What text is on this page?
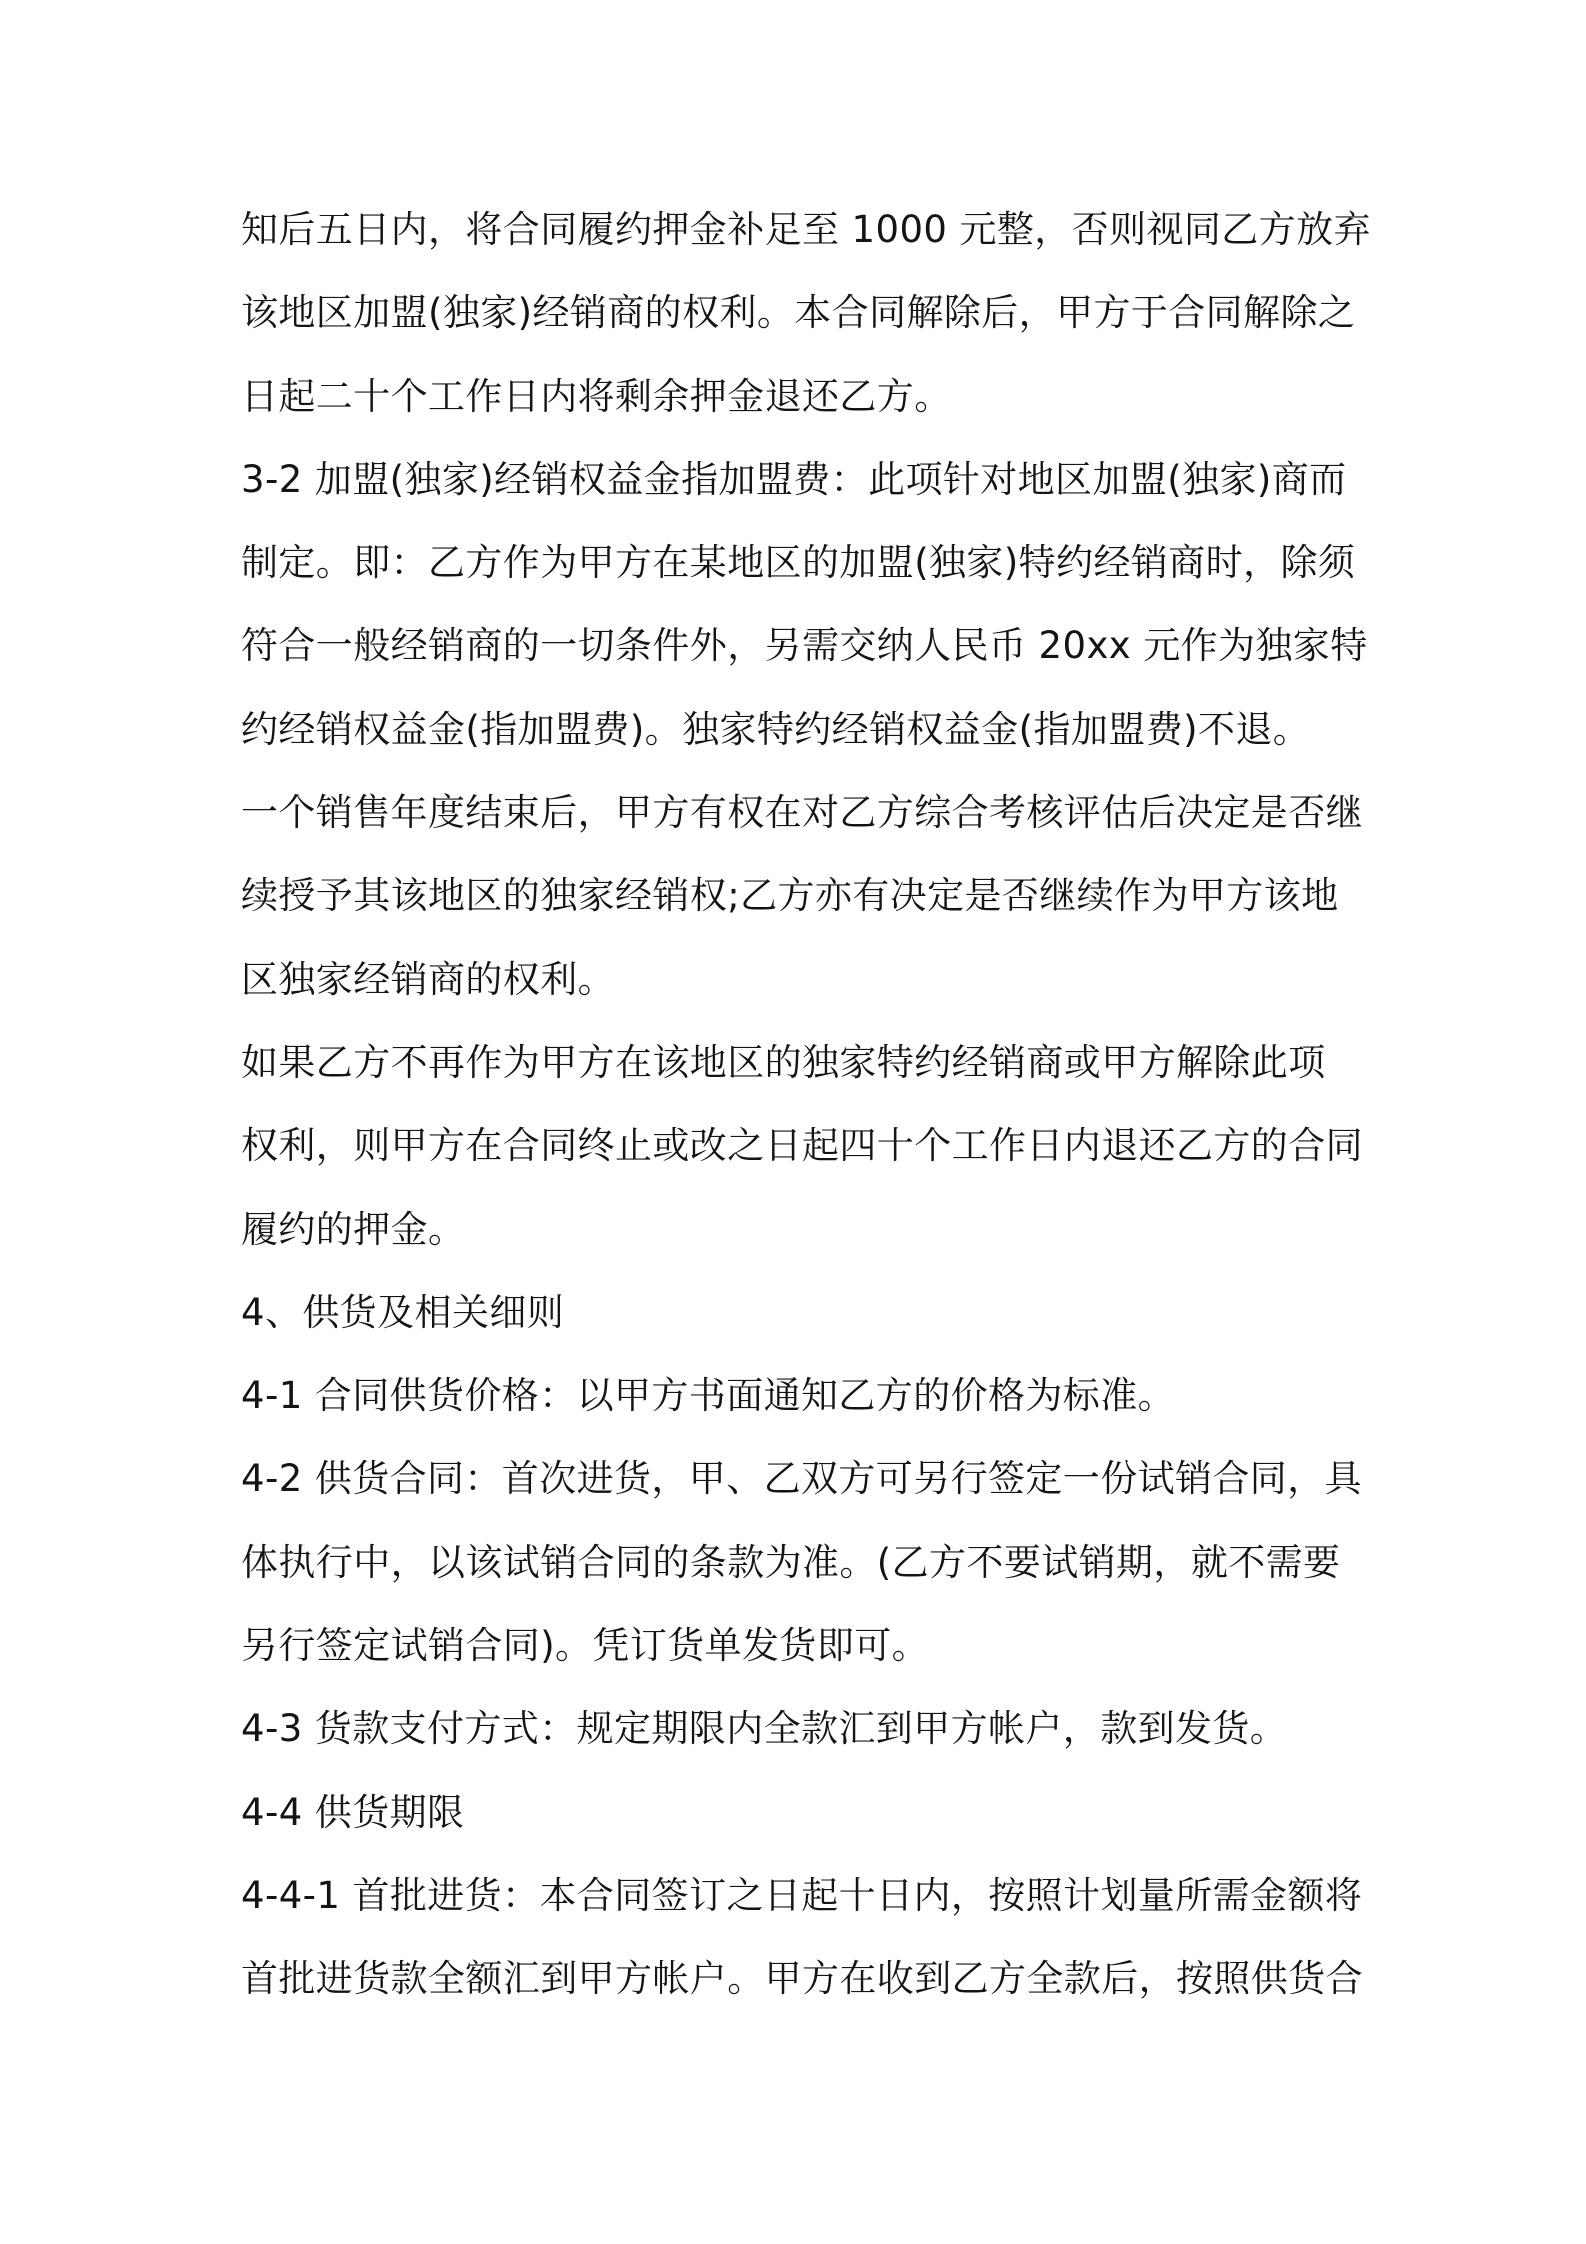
知后五日内，将合同履约押金补足至 1000 元整，否则视同乙方放弃
该地区加盟(独家)经销商的权利。本合同解除后，甲方于合同解除之
日起二十个工作日内将剩余押金退还乙方。
3-2 加盟(独家)经销权益金指加盟费：此项针对地区加盟(独家)商而
制定。即：乙方作为甲方在某地区的加盟(独家)特约经销商时，除须
符合一般经销商的一切条件外，另需交纳人民币 20xx 元作为独家特
约经销权益金(指加盟费)。独家特约经销权益金(指加盟费)不退。
一个销售年度结束后，甲方有权在对乙方综合考核评估后决定是否继
续授予其该地区的独家经销权;乙方亦有决定是否继续作为甲方该地
区独家经销商的权利。
如果乙方不再作为甲方在该地区的独家特约经销商或甲方解除此项
权利，则甲方在合同终止或改之日起四十个工作日内退还乙方的合同
履约的押金。
4、供货及相关细则
4-1 合同供货价格：以甲方书面通知乙方的价格为标准。
4-2 供货合同：首次进货，甲、乙双方可另行签定一份试销合同，具
体执行中，以该试销合同的条款为准。(乙方不要试销期，就不需要
另行签定试销合同)。凭订货单发货即可。
4-3 货款支付方式：规定期限内全款汇到甲方帐户，款到发货。
4-4 供货期限
4-4-1 首批进货：本合同签订之日起十日内，按照计划量所需金额将
首批进货款全额汇到甲方帐户。甲方在收到乙方全款后，按照供货合
